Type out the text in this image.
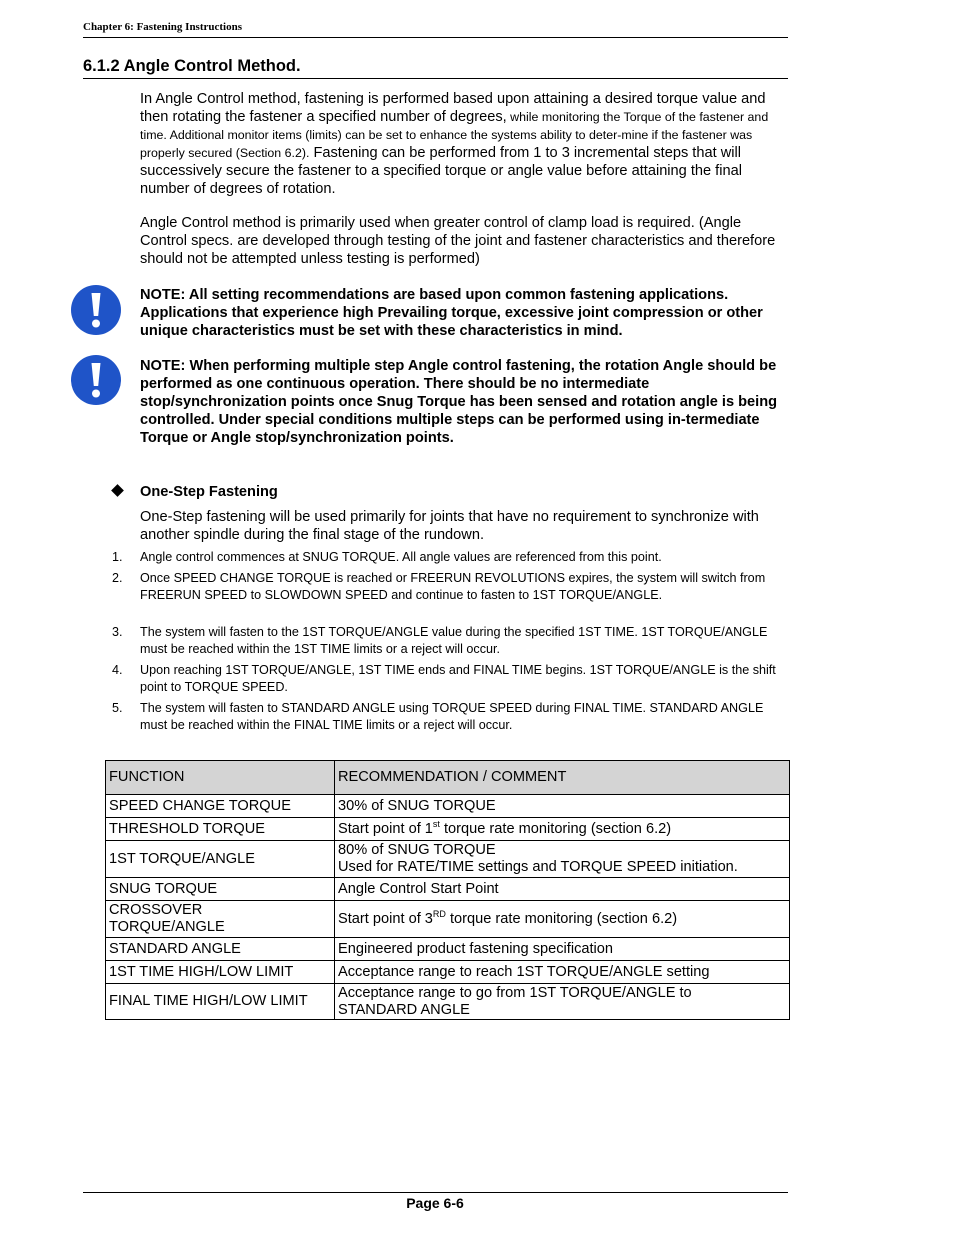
Chapter 6: Fastening Instructions
6.1.2 Angle Control Method.
In Angle Control method, fastening is performed based upon attaining a desired torque value and then rotating the fastener a specified number of degrees, while monitoring the Torque of the fastener and time. Additional monitor items (limits) can be set to enhance the systems ability to deter-mine if the fastener was properly secured (Section 6.2). Fastening can be performed from 1 to 3 incremental steps that will successively secure the fastener to a specified torque or angle value before attaining the final number of degrees of rotation.
Angle Control method is primarily used when greater control of clamp load is required. (Angle Control specs. are developed through testing of the joint and fastener characteristics and therefore should not be attempted unless testing is performed)
NOTE: All setting recommendations are based upon common fastening applications. Applications that experience high Prevailing torque, excessive joint compression or other unique characteristics must be set with these characteristics in mind.
NOTE: When performing multiple step Angle control fastening, the rotation Angle should be performed as one continuous operation. There should be no intermediate stop/synchronization points once Snug Torque has been sensed and rotation angle is being controlled. Under special conditions multiple steps can be performed using in-termediate Torque or Angle stop/synchronization points.
One-Step Fastening
One-Step fastening will be used primarily for joints that have no requirement to synchronize with another spindle during the final stage of the rundown.
1. Angle control commences at SNUG TORQUE. All angle values are referenced from this point.
2. Once SPEED CHANGE TORQUE is reached or FREERUN REVOLUTIONS expires, the system will switch from FREERUN SPEED to SLOWDOWN SPEED and continue to fasten to 1ST TORQUE/ANGLE.
3. The system will fasten to the 1ST TORQUE/ANGLE value during the specified 1ST TIME. 1ST TORQUE/ANGLE must be reached within the 1ST TIME limits or a reject will occur.
4. Upon reaching 1ST TORQUE/ANGLE, 1ST TIME ends and FINAL TIME begins. 1ST TORQUE/ANGLE is the shift point to TORQUE SPEED.
5. The system will fasten to STANDARD ANGLE using TORQUE SPEED during FINAL TIME. STANDARD ANGLE must be reached within the FINAL TIME limits or a reject will occur.
FUNCTION	RECOMMENDATION / COMMENT
SPEED CHANGE TORQUE	30% of SNUG TORQUE
THRESHOLD TORQUE	Start point of 1st torque rate monitoring (section 6.2)
1ST TORQUE/ANGLE	80% of SNUG TORQUE
Used for RATE/TIME settings and TORQUE SPEED initiation.

SNUG TORQUE	Angle Control Start Point

CROSSOVER
TORQUE/ANGLE	Start point of 3RD torque rate monitoring (section 6.2)
STANDARD ANGLE	Engineered product fastening specification
1ST TIME HIGH/LOW LIMIT	Acceptance range to reach 1ST TORQUE/ANGLE setting
FINAL TIME HIGH/LOW LIMIT	Acceptance range to go from 1ST TORQUE/ANGLE to
STANDARD ANGLE
Page 6-6
